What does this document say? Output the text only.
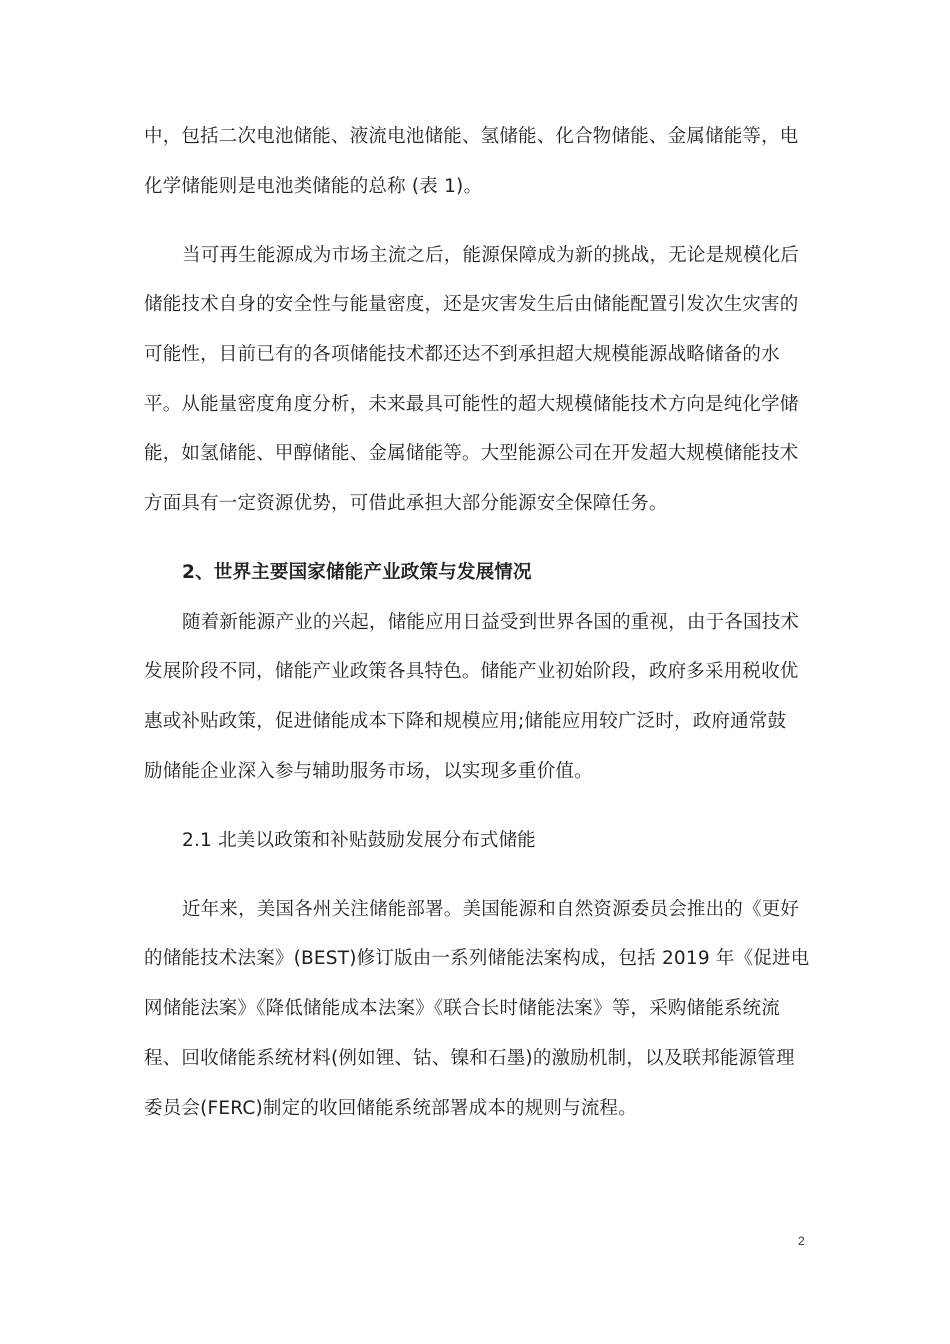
中，包括二次电池储能、液流电池储能、氢储能、化合物储能、金属储能等，电
化学储能则是电池类储能的总称 (表 1)。
当可再生能源成为市场主流之后，能源保障成为新的挑战，无论是规模化后
储能技术自身的安全性与能量密度，还是灾害发生后由储能配置引发次生灾害的
可能性，目前已有的各项储能技术都还达不到承担超大规模能源战略储备的水
平。从能量密度角度分析，未来最具可能性的超大规模储能技术方向是纯化学储
能，如氢储能、甲醇储能、金属储能等。大型能源公司在开发超大规模储能技术
方面具有一定资源优势，可借此承担大部分能源安全保障任务。
2、世界主要国家储能产业政策与发展情况
随着新能源产业的兴起，储能应用日益受到世界各国的重视，由于各国技术
发展阶段不同，储能产业政策各具特色。储能产业初始阶段，政府多采用税收优
惠或补贴政策，促进储能成本下降和规模应用;储能应用较广泛时，政府通常鼓
励储能企业深入参与辅助服务市场，以实现多重价值。
2.1 北美以政策和补贴鼓励发展分布式储能
近年来，美国各州关注储能部署。美国能源和自然资源委员会推出的《更好
的储能技术法案》(BEST)修订版由一系列储能法案构成，包括 2019 年《促进电
网储能法案》《降低储能成本法案》《联合长时储能法案》等，采购储能系统流
程、回收储能系统材料(例如锂、钴、镍和石墨)的激励机制，以及联邦能源管理
委员会(FERC)制定的收回储能系统部署成本的规则与流程。
2
